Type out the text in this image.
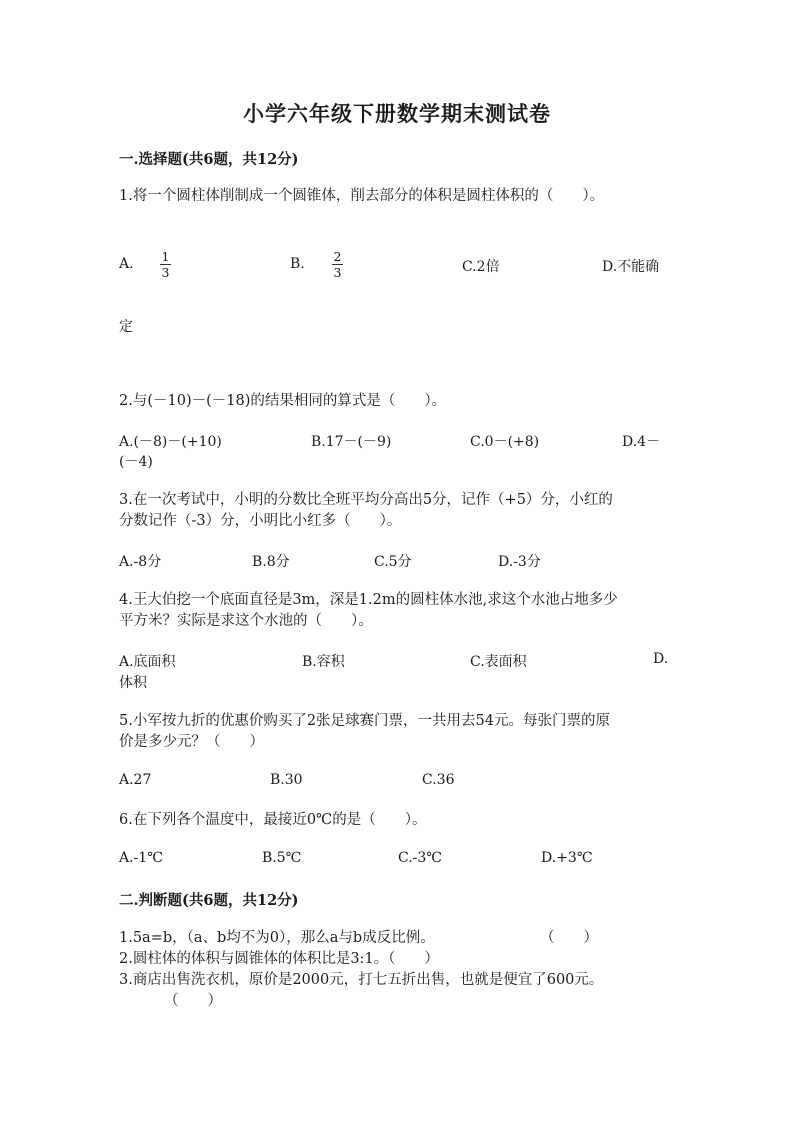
小学六年级下册数学期末测试卷
一.选择题(共6题，共12分)
1.将一个圆柱体削制成一个圆锥体，削去部分的体积是圆柱体积的（　　）。
A. $\frac{1}{3}$	B. $\frac{2}{3}$	C.2倍	D.不能确
定
2.与(－10)－(－18)的结果相同的算式是（　　）。
A.(－8)－(+10)	B.17－(－9)	C.0－(+8)	D.4－
(－4)
3.在一次考试中，小明的分数比全班平均分高出5分，记作（+5）分，小红的
分数记作（-3）分，小明比小红多（　　）。
A.-8分	B.8分	C.5分	D.-3分
4.王大伯挖一个底面直径是3m，深是1.2m的圆柱体水池,求这个水池占地多少
平方米？实际是求这个水池的（　　）。
A.底面积	B.容积	C.表面积	D.
体积
5.小军按九折的优惠价购买了2张足球赛门票，一共用去54元。每张门票的原
价是多少元？（　　）
A.27	B.30	C.36
6.在下列各个温度中，最接近0℃的是（　　）。
A.-1℃	B.5℃	C.-3℃	D.+3℃
二.判断题(共6题，共12分)
1.5a=b，（a、b均不为0），那么a与b成反比例。	（　　）
2.圆柱体的体积与圆锥体的体积比是3:1。（　　）
3.商店出售洗衣机，原价是2000元，打七五折出售，也就是便宜了600元。
（　　）
